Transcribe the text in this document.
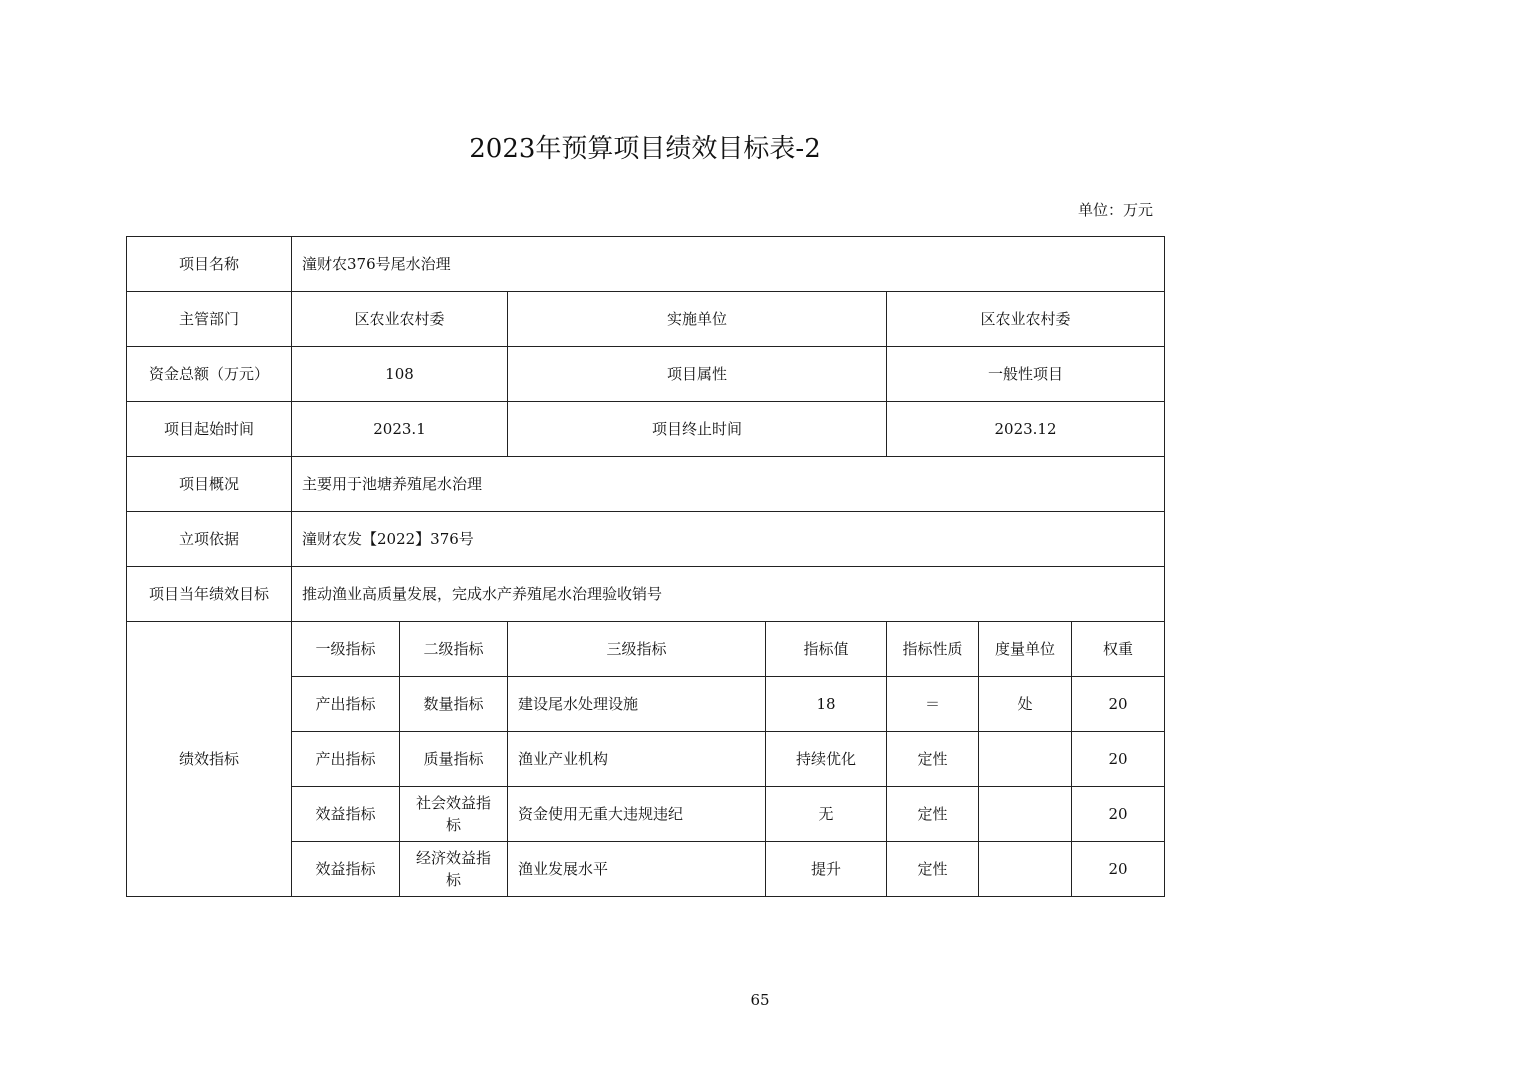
2023年预算项目绩效目标表-2
单位：万元
项目名称	潼财农376号尾水治理						
主管部门	区农业农村委		实施单位		区农业农村委		
资金总额（万元）	108		项目属性		一般性项目		
项目起始时间	2023.1		项目终止时间		2023.12		
项目概况	主要用于池塘养殖尾水治理						
立项依据	潼财农发【2022】376号						
项目当年绩效目标	推动渔业高质量发展，完成水产养殖尾水治理验收销号						
绩效指标	一级指标	二级指标	三级指标	指标值	指标性质	度量单位	权重
	产出指标	数量指标	建设尾水处理设施	18	＝	处	20
	产出指标	质量指标	渔业产业机构	持续优化	定性		20
	效益指标	社会效益指标	资金使用无重大违规违纪	无	定性		20
	效益指标	经济效益指标	渔业发展水平	提升	定性		20
65
